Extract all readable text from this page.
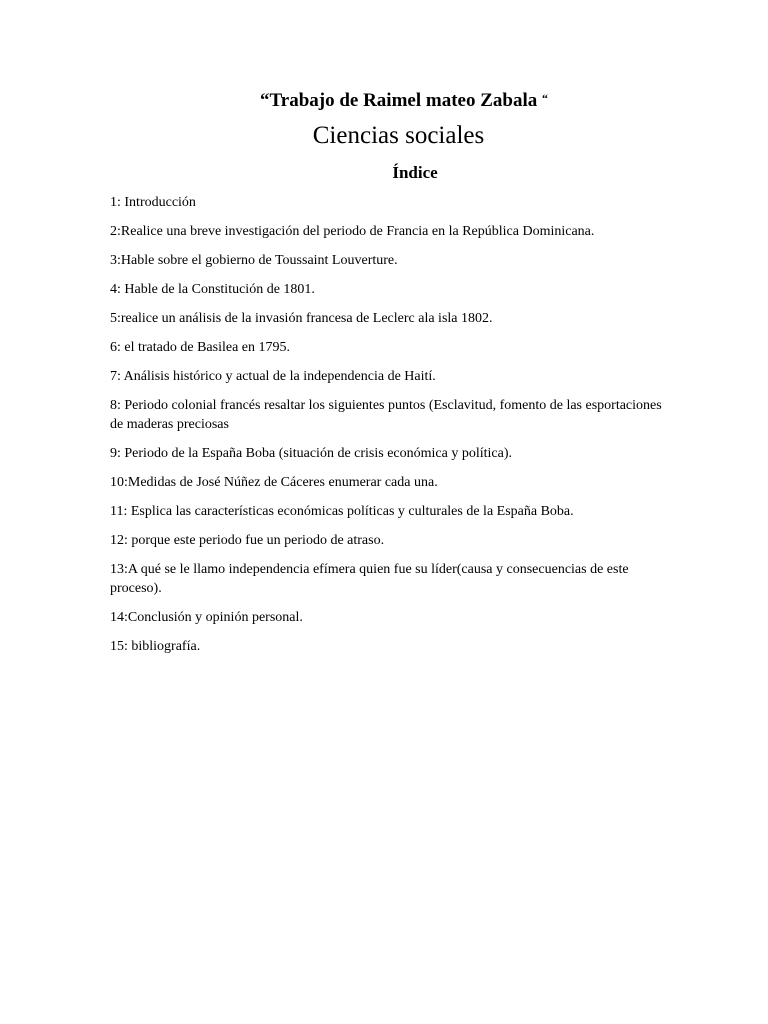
“Trabajo de Raimel mateo Zabala “
Ciencias sociales
Índice
1: Introducción
2:Realice una breve investigación del periodo de Francia en la República Dominicana.
3:Hable sobre el gobierno de Toussaint Louverture.
4: Hable de la Constitución de 1801.
5:realice un análisis de la invasión francesa de Leclerc ala isla 1802.
6: el tratado de Basilea en 1795.
7: Análisis histórico y actual de la independencia de Haití.
8: Periodo colonial francés resaltar los siguientes puntos (Esclavitud, fomento de las esportaciones de maderas preciosas
9: Periodo de la España Boba (situación de crisis económica y política).
10:Medidas de José Núñez de Cáceres enumerar cada una.
11: Esplica las características económicas políticas y culturales de la España Boba.
12: porque este periodo fue un periodo de atraso.
13:A qué se le llamo independencia efímera quien fue su líder(causa y consecuencias de este proceso).
14:Conclusión y opinión personal.
15: bibliografía.
